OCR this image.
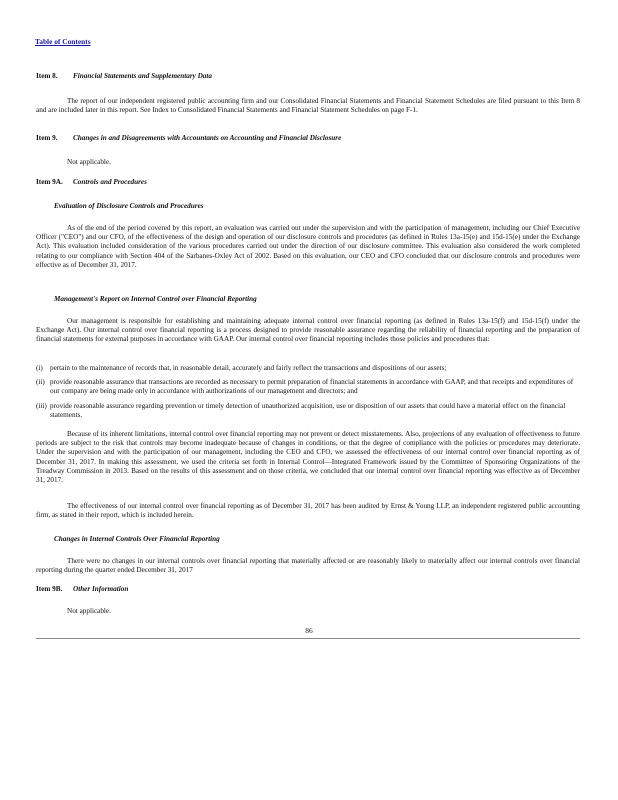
Table of Contents
Item 8. Financial Statements and Supplementary Data
The report of our independent registered public accounting firm and our Consolidated Financial Statements and Financial Statement Schedules are filed pursuant to this Item 8 and are included later in this report. See Index to Consolidated Financial Statements and Financial Statement Schedules on page F-1.
Item 9. Changes in and Disagreements with Accountants on Accounting and Financial Disclosure
Not applicable.
Item 9A. Controls and Procedures
Evaluation of Disclosure Controls and Procedures
As of the end of the period covered by this report, an evaluation was carried out under the supervision and with the participation of management, including our Chief Executive Officer ("CEO") and our CFO, of the effectiveness of the design and operation of our disclosure controls and procedures (as defined in Rules 13a-15(e) and 15d-15(e) under the Exchange Act). This evaluation included consideration of the various procedures carried out under the direction of our disclosure committee. This evaluation also considered the work completed relating to our compliance with Section 404 of the Sarbanes-Oxley Act of 2002. Based on this evaluation, our CEO and CFO concluded that our disclosure controls and procedures were effective as of December 31, 2017.
Management's Report on Internal Control over Financial Reporting
Our management is responsible for establishing and maintaining adequate internal control over financial reporting (as defined in Rules 13a-15(f) and 15d-15(f) under the Exchange Act). Our internal control over financial reporting is a process designed to provide reasonable assurance regarding the reliability of financial reporting and the preparation of financial statements for external purposes in accordance with GAAP. Our internal control over financial reporting includes those policies and procedures that:
(i) pertain to the maintenance of records that, in reasonable detail, accurately and fairly reflect the transactions and dispositions of our assets;
(ii) provide reasonable assurance that transactions are recorded as necessary to permit preparation of financial statements in accordance with GAAP, and that receipts and expenditures of our company are being made only in accordance with authorizations of our management and directors; and
(iii) provide reasonable assurance regarding prevention or timely detection of unauthorized acquisition, use or disposition of our assets that could have a material effect on the financial statements.
Because of its inherent limitations, internal control over financial reporting may not prevent or detect misstatements. Also, projections of any evaluation of effectiveness to future periods are subject to the risk that controls may become inadequate because of changes in conditions, or that the degree of compliance with the policies or procedures may deteriorate. Under the supervision and with the participation of our management, including the CEO and CFO, we assessed the effectiveness of our internal control over financial reporting as of December 31, 2017. In making this assessment, we used the criteria set forth in Internal Control—Integrated Framework issued by the Committee of Sponsoring Organizations of the Treadway Commission in 2013. Based on the results of this assessment and on those criteria, we concluded that our internal control over financial reporting was effective as of December 31, 2017.
The effectiveness of our internal control over financial reporting as of December 31, 2017 has been audited by Ernst & Young LLP, an independent registered public accounting firm, as stated in their report, which is included herein.
Changes in Internal Controls Over Financial Reporting
There were no changes in our internal controls over financial reporting that materially affected or are reasonably likely to materially affect our internal controls over financial reporting during the quarter ended December 31, 2017
Item 9B. Other Information
Not applicable.
86
